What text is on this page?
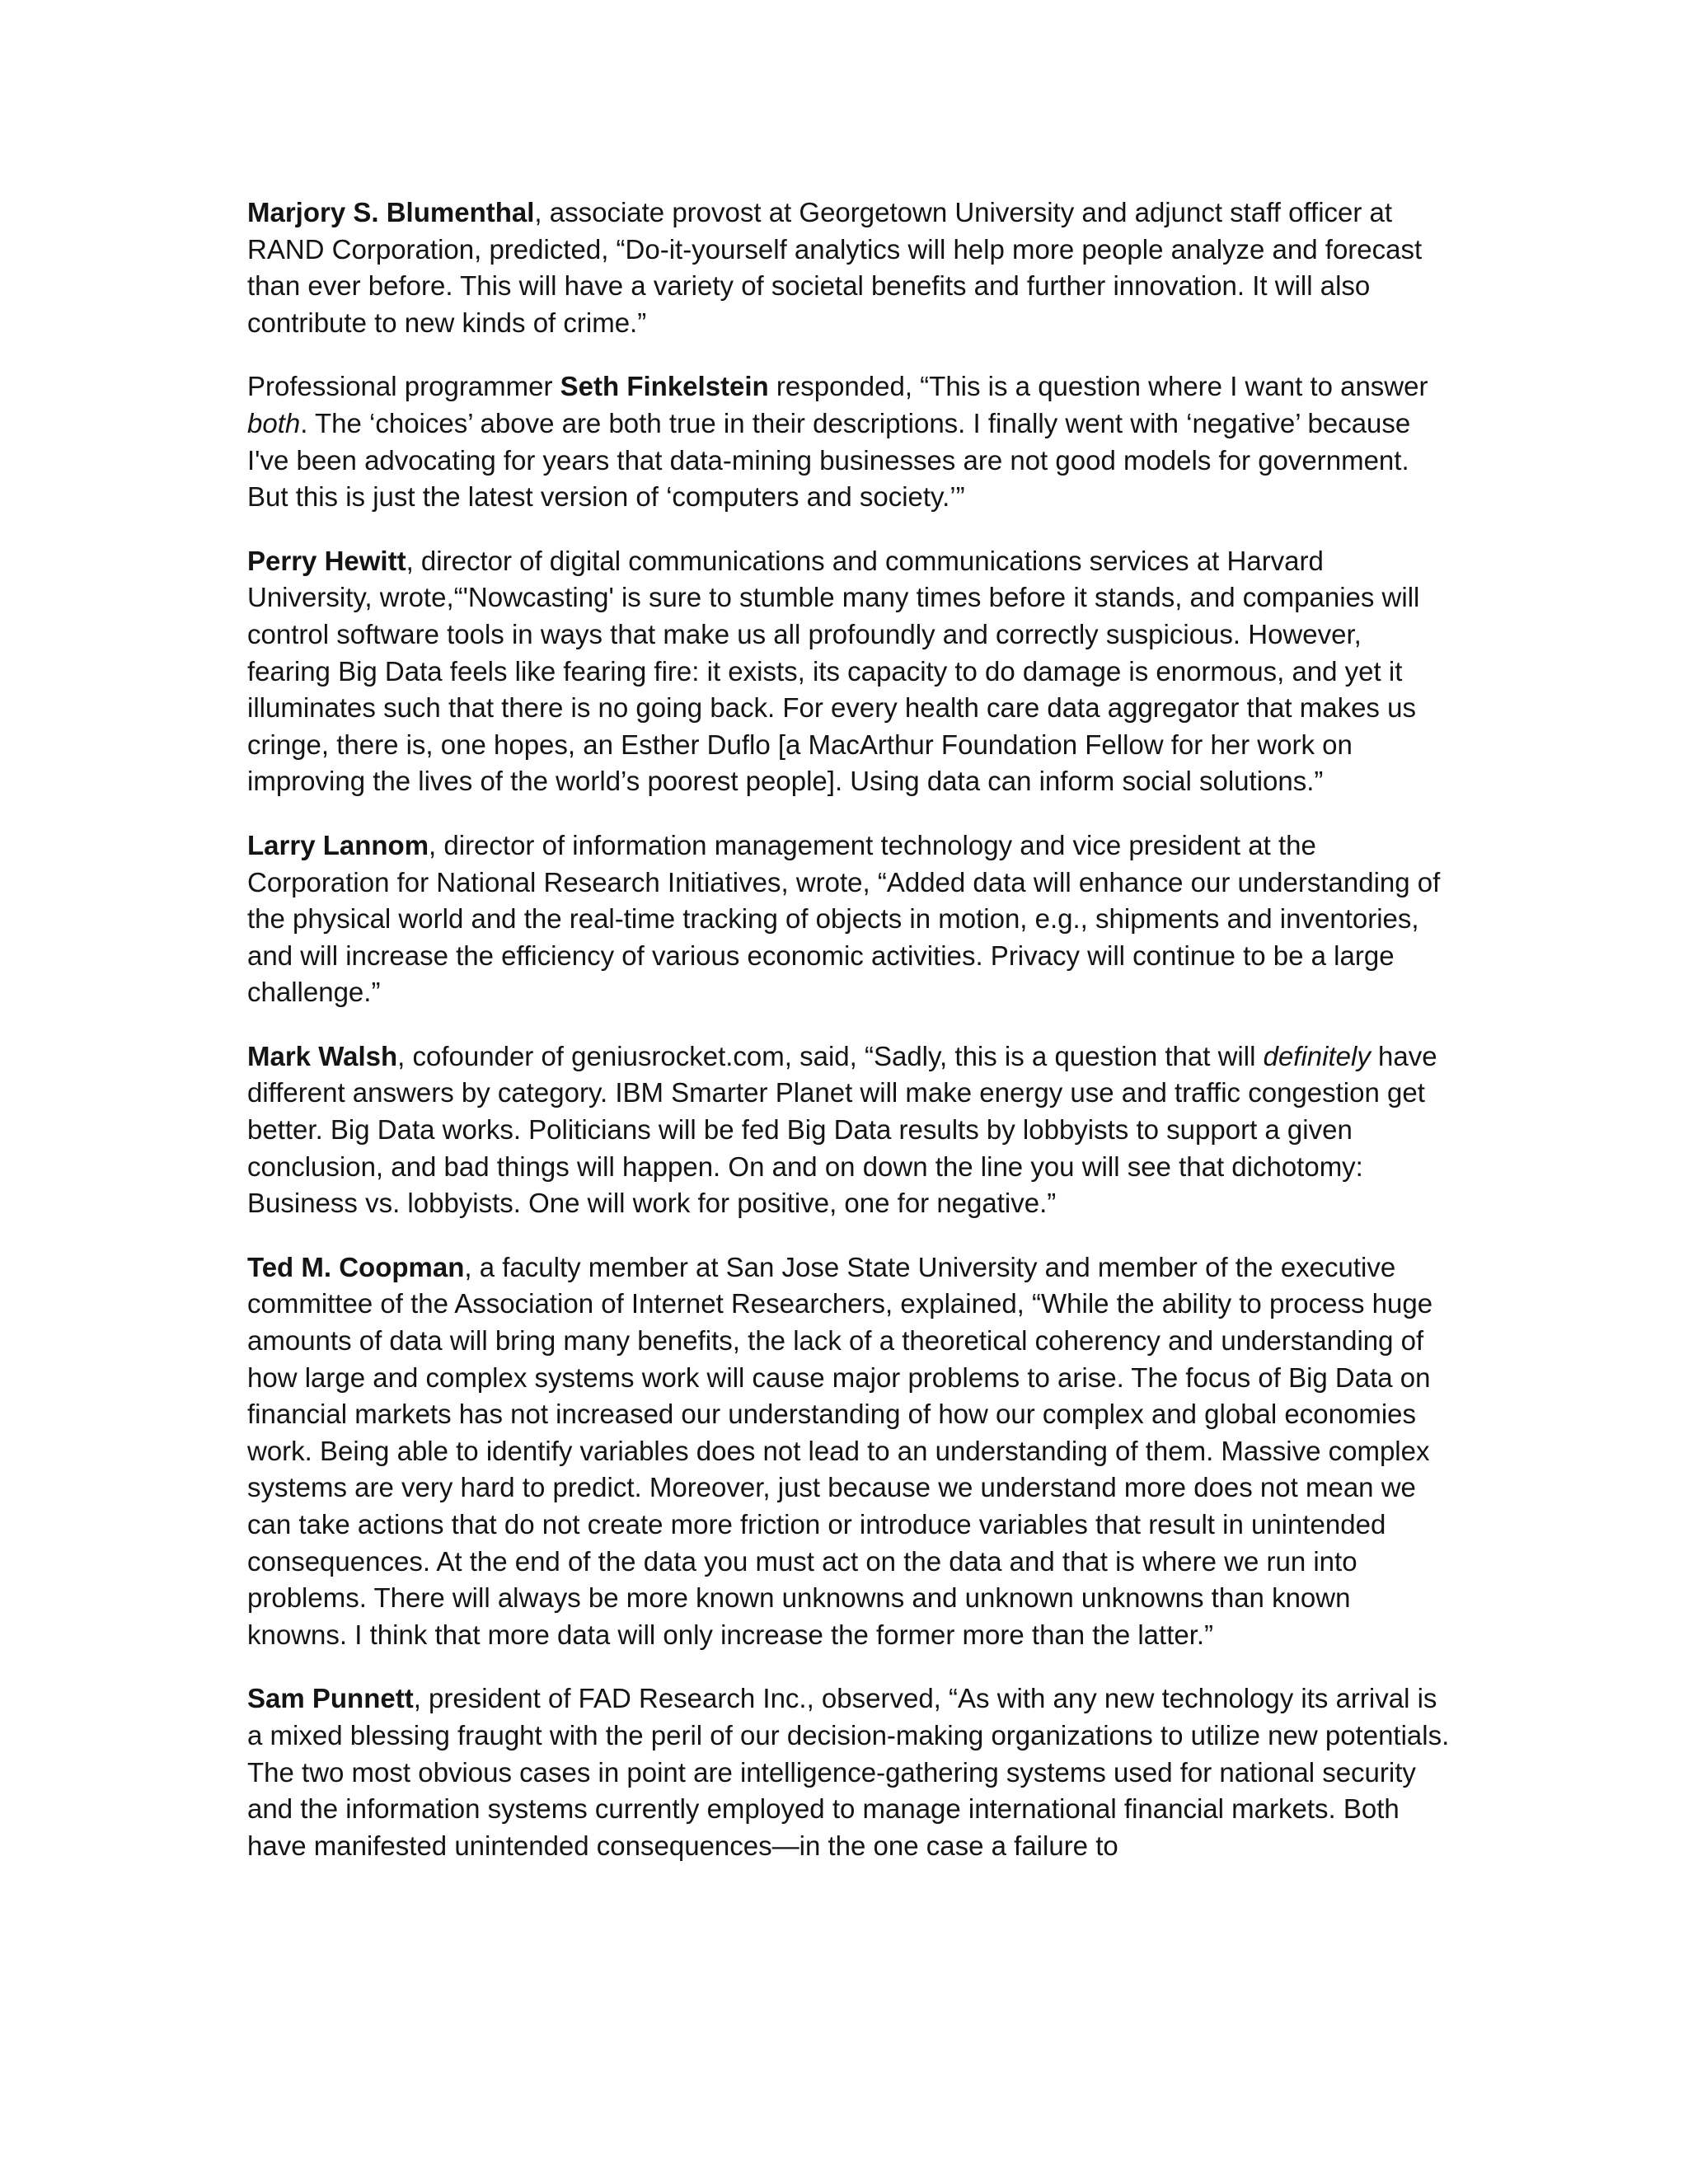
Marjory S. Blumenthal, associate provost at Georgetown University and adjunct staff officer at RAND Corporation, predicted, “Do-it-yourself analytics will help more people analyze and forecast than ever before. This will have a variety of societal benefits and further innovation. It will also contribute to new kinds of crime.”

Professional programmer Seth Finkelstein responded, “This is a question where I want to answer both. The ‘choices’ above are both true in their descriptions. I finally went with ‘negative’ because I've been advocating for years that data-mining businesses are not good models for government. But this is just the latest version of ‘computers and society.’”

Perry Hewitt, director of digital communications and communications services at Harvard University, wrote,“'Nowcasting' is sure to stumble many times before it stands, and companies will control software tools in ways that make us all profoundly and correctly suspicious. However, fearing Big Data feels like fearing fire: it exists, its capacity to do damage is enormous, and yet it illuminates such that there is no going back. For every health care data aggregator that makes us cringe, there is, one hopes, an Esther Duflo [a MacArthur Foundation Fellow for her work on improving the lives of the world’s poorest people]. Using data can inform social solutions.”

Larry Lannom, director of information management technology and vice president at the Corporation for National Research Initiatives, wrote, “Added data will enhance our understanding of the physical world and the real-time tracking of objects in motion, e.g., shipments and inventories, and will increase the efficiency of various economic activities. Privacy will continue to be a large challenge.”

Mark Walsh, cofounder of geniusrocket.com, said, “Sadly, this is a question that will definitely have different answers by category. IBM Smarter Planet will make energy use and traffic congestion get better. Big Data works. Politicians will be fed Big Data results by lobbyists to support a given conclusion, and bad things will happen. On and on down the line you will see that dichotomy: Business vs. lobbyists. One will work for positive, one for negative.”

Ted M. Coopman, a faculty member at San Jose State University and member of the executive committee of the Association of Internet Researchers, explained, “While the ability to process huge amounts of data will bring many benefits, the lack of a theoretical coherency and understanding of how large and complex systems work will cause major problems to arise. The focus of Big Data on financial markets has not increased our understanding of how our complex and global economies work. Being able to identify variables does not lead to an understanding of them. Massive complex systems are very hard to predict. Moreover, just because we understand more does not mean we can take actions that do not create more friction or introduce variables that result in unintended consequences. At the end of the data you must act on the data and that is where we run into problems. There will always be more known unknowns and unknown unknowns than known knowns. I think that more data will only increase the former more than the latter.”

Sam Punnett, president of FAD Research Inc., observed, “As with any new technology its arrival is a mixed blessing fraught with the peril of our decision-making organizations to utilize new potentials. The two most obvious cases in point are intelligence-gathering systems used for national security and the information systems currently employed to manage international financial markets. Both have manifested unintended consequences—in the one case a failure to
